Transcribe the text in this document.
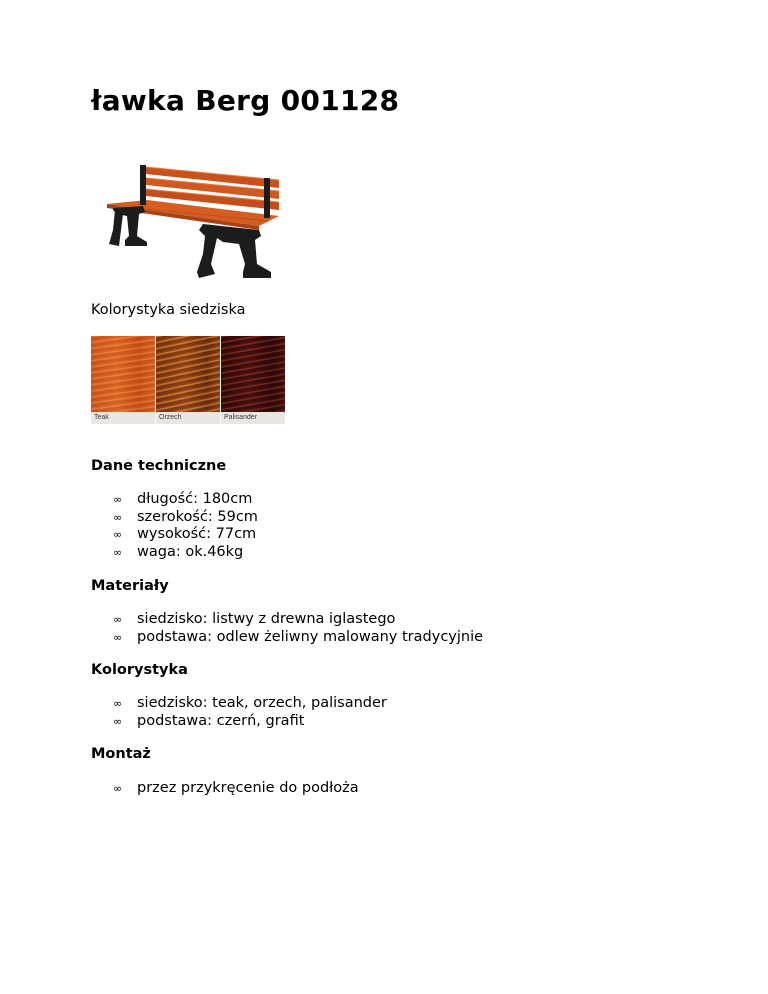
ławka Berg 001128
Kolorystyka siedziska
Teak	Orzech	Palisander
Dane techniczne
∞ długość: 180cm
∞ szerokość: 59cm
∞ wysokość: 77cm
∞ waga: ok.46kg
Materiały
∞ siedzisko: listwy z drewna iglastego
∞ podstawa: odlew żeliwny malowany tradycyjnie
Kolorystyka
∞ siedzisko: teak, orzech, palisander
∞ podstawa: czerń, grafit
Montaż
∞ przez przykręcenie do podłoża
